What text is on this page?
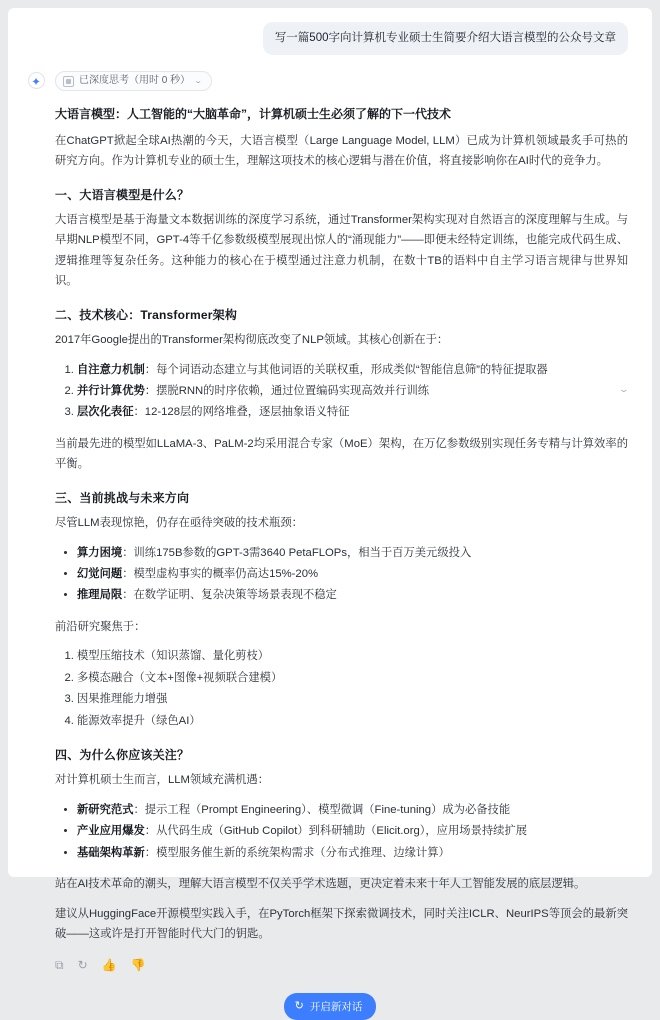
写一篇500字向计算机专业硕士生简要介绍大语言模型的公众号文章
已深度思考（用时 0 秒） ⌄
大语言模型：人工智能的“大脑革命”，计算机硕士生必须了解的下一代技术

在ChatGPT掀起全球AI热潮的今天，大语言模型（Large Language Model, LLM）已成为计算机领域最炙手可热的研究方向。作为计算机专业的硕士生，理解这项技术的核心逻辑与潜在价值，将直接影响你在AI时代的竞争力。

一、大语言模型是什么？

大语言模型是基于海量文本数据训练的深度学习系统，通过Transformer架构实现对自然语言的深度理解与生成。与早期NLP模型不同，GPT-4等千亿参数级模型展现出惊人的“涌现能力”——即便未经特定训练，也能完成代码生成、逻辑推理等复杂任务。这种能力的核心在于模型通过注意力机制，在数十TB的语料中自主学习语言规律与世界知识。

二、技术核心：Transformer架构

2017年Google提出的Transformer架构彻底改变了NLP领域。其核心创新在于：

1. 自注意力机制：每个词语动态建立与其他词语的关联权重，形成类似“智能信息筛”的特征提取器
2. 并行计算优势：摆脱RNN的时序依赖，通过位置编码实现高效并行训练	⌄
3. 层次化表征：12-128层的网络堆叠，逐层抽象语义特征

当前最先进的模型如LLaMA-3、PaLM-2均采用混合专家（MoE）架构，在万亿参数级别实现任务专精与计算效率的平衡。

三、当前挑战与未来方向

尽管LLM表现惊艳，仍存在亟待突破的技术瓶颈：

• 算力困境：训练175B参数的GPT-3需3640 PetaFLOPs，相当于百万美元级投入
• 幻觉问题：模型虚构事实的概率仍高达15%-20%
• 推理局限：在数学证明、复杂决策等场景表现不稳定

前沿研究聚焦于：

1. 模型压缩技术（知识蒸馏、量化剪枝）
2. 多模态融合（文本+图像+视频联合建模）
3. 因果推理能力增强
4. 能源效率提升（绿色AI）
四、为什么你应该关注？

对计算机硕士生而言，LLM领域充满机遇：

• 新研究范式：提示工程（Prompt Engineering）、模型微调（Fine-tuning）成为必备技能
• 产业应用爆发：从代码生成（GitHub Copilot）到科研辅助（Elicit.org），应用场景持续扩展
• 基础架构革新：模型服务催生新的系统架构需求（分布式推理、边缘计算）

站在AI技术革命的潮头，理解大语言模型不仅关乎学术选题，更决定着未来十年人工智能发展的底层逻辑。

建议从HuggingFace开源模型实践入手，在PyTorch框架下探索微调技术，同时关注ICLR、NeurIPS等顶会的最新突破——这或许是打开智能时代大门的钥匙。

⧉ ↻ 👍 👎
↻ 开启新对话
